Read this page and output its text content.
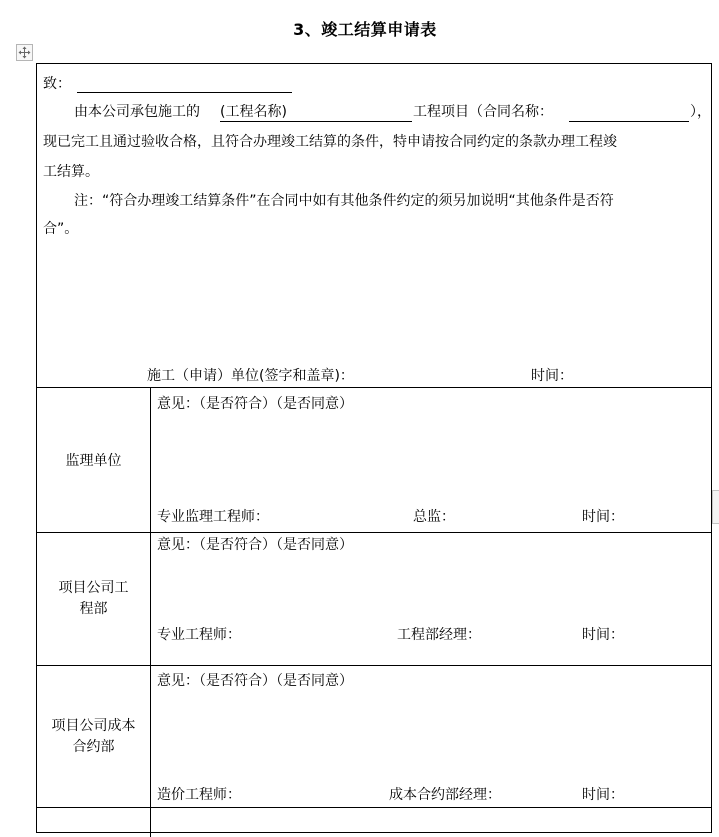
3、竣工结算申请表
致：
由本公司承包施工的 (工程名称)	工程项目（合同名称：	），
现已完工且通过验收合格，且符合办理竣工结算的条件，特申请按合同约定的条款办理工程竣
工结算。
注：“符合办理竣工结算条件”在合同中如有其他条件约定的须另加说明“其他条件是否符
合”。
施工（申请）单位(签字和盖章)：	时间：
监理单位
意见：（是否符合）（是否同意）
专业监理工程师：	总监：	时间：
项目公司工
程部
意见：（是否符合）（是否同意）
专业工程师：	工程部经理：	时间：
项目公司成本
合约部
意见：（是否符合）（是否同意）
造价工程师：	成本合约部经理：	时间：
